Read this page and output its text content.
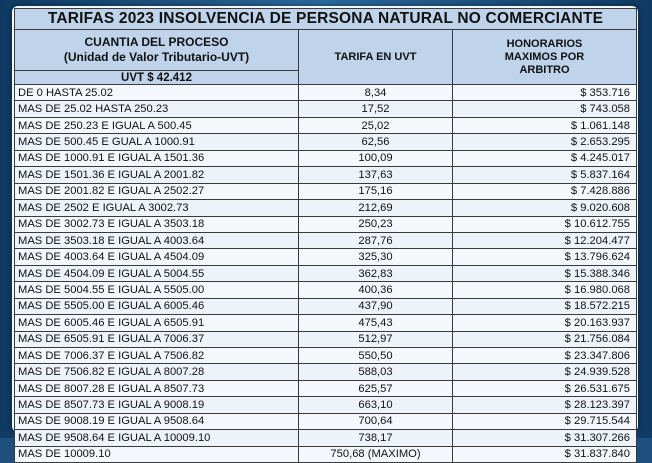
TARIFAS 2023 INSOLVENCIA DE PERSONA NATURAL NO COMERCIANTE		
CUANTIA DEL PROCESO
(Unidad de Valor Tributario-UVT)	TARIFA EN UVT	HONORARIOS
MAXIMOS POR
ARBITRO
UVT $ 42.412		
DE 0 HASTA 25.02	8,34	$ 353.716
MAS DE 25.02 HASTA 250.23	17,52	$ 743.058
MAS DE 250.23 E IGUAL A 500.45	25,02	$ 1.061.148
MAS DE 500.45 E GUAL A 1000.91	62,56	$ 2.653.295
MAS DE 1000.91 E IGUAL A 1501.36	100,09	$ 4.245.017
MAS DE 1501.36 E IGUAL A 2001.82	137,63	$ 5.837.164
MAS DE 2001.82 E IGUAL A 2502.27	175,16	$ 7.428.886
MAS DE 2502 E IGUAL A 3002.73	212,69	$ 9.020.608
MAS DE 3002.73 E IGUAL A 3503.18	250,23	$ 10.612.755
MAS DE 3503.18 E IGUAL A 4003.64	287,76	$ 12.204.477
MAS DE 4003.64 E IGUAL A 4504.09	325,30	$ 13.796.624
MAS DE 4504.09 E IGUAL A 5004.55	362,83	$ 15.388.346
MAS DE 5004.55 E IGUAL A 5505.00	400,36	$ 16.980.068
MAS DE 5505.00 E IGUAL A 6005.46	437,90	$ 18.572.215
MAS DE 6005.46 E IGUAL A 6505.91	475,43	$ 20.163.937
MAS DE 6505.91 E IGUAL A 7006.37	512,97	$ 21.756.084
MAS DE 7006.37 E IGUAL A 7506.82	550,50	$ 23.347.806
MAS DE 7506.82 E IGUAL A 8007.28	588,03	$ 24.939.528
MAS DE 8007.28 E IGUAL A 8507.73	625,57	$ 26.531.675
MAS DE 8507.73 E IGUAL A 9008.19	663,10	$ 28.123.397
MAS DE 9008.19 E IGUAL A 9508.64	700,64	$ 29.715.544
MAS DE 9508.64 E IGUAL A 10009.10	738,17	$ 31.307.266
MAS DE 10009.10	750,68 (MAXIMO)	$ 31.837.840
